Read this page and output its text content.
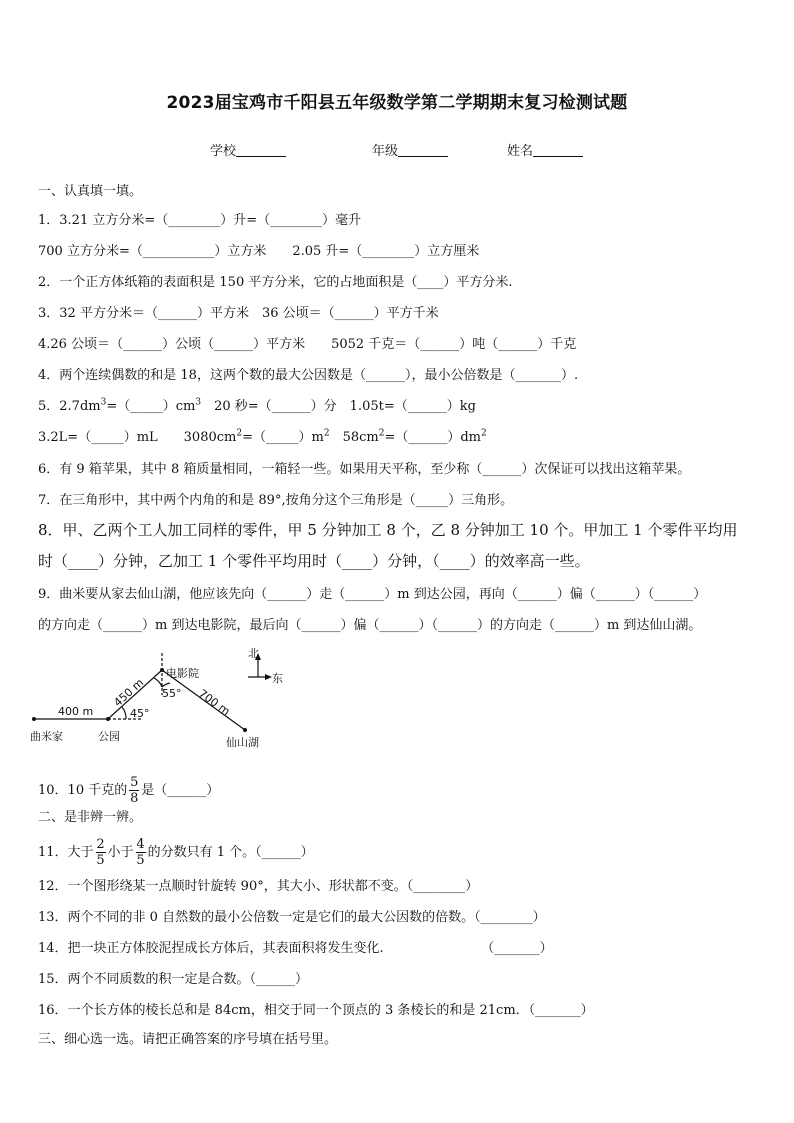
2023届宝鸡市千阳县五年级数学第二学期期末复习检测试题
学校	年级	姓名
一、认真填一填。
1．3.21 立方分米=（________）升=（________）毫升
700 立方分米=（___________）立方米　　2.05 升=（________）立方厘米
2．一个正方体纸箱的表面积是 150 平方分米，它的占地面积是（____）平方分米.
3．32 平方分米＝（______）平方米　36 公顷＝（______）平方千米
4.26 公顷＝（______）公顷（______）平方米　　5052 千克＝（______）吨（______）千克
4．两个连续偶数的和是 18，这两个数的最大公因数是（______），最小公倍数是（_______）.
5．$2.7dm^3=(\_\_\_\_\_)cm^3$　20 秒=（______）分　1.05t=（______）kg
3.2L=（_____）mL　　$3080cm^2=(\_\_\_\_\_)m^2$　$58cm^2=(\_\_\_\_\_\_)dm^2$
6．有 9 箱苹果，其中 8 箱质量相同，一箱轻一些。如果用天平称，至少称（______）次保证可以找出这箱苹果。
7．在三角形中，其中两个内角的和是 89°,按角分这个三角形是（_____）三角形。
8．甲、乙两个工人加工同样的零件，甲 5 分钟加工 8 个，乙 8 分钟加工 10 个。甲加工 1 个零件平均用
时（____）分钟，乙加工 1 个零件平均用时（____）分钟，（____）的效率高一些。
9．曲米要从家去仙山湖，他应该先向（______）走（______）m 到达公园，再向（______）偏（______）（______）
的方向走（______）m 到达电影院，最后向（______）偏（______）（______）的方向走（______）m 到达仙山湖。
北
东
电影院
曲米家	公园	仙山湖
400 m
450 m	700 m
45°
55°
10．10 千克的 $\frac{5}{8}$ 是（______）
二、是非辨一辨。
11．大于 $\frac{2}{5}$ 小于 $\frac{4}{5}$ 的分数只有 1 个。（______）
12．一个图形绕某一点顺时针旋转 90°，其大小、形状都不变。（________）
13．两个不同的非 0 自然数的最小公倍数一定是它们的最大公因数的倍数。（________）
14．把一块正方体胶泥捏成长方体后，其表面积将发生变化.　　　　　　　　（_______）
15．两个不同质数的积一定是合数。（______）
16．一个长方体的棱长总和是 84cm，相交于同一个顶点的 3 条棱长的和是 21cm．（_______）
三、细心选一选。请把正确答案的序号填在括号里。
